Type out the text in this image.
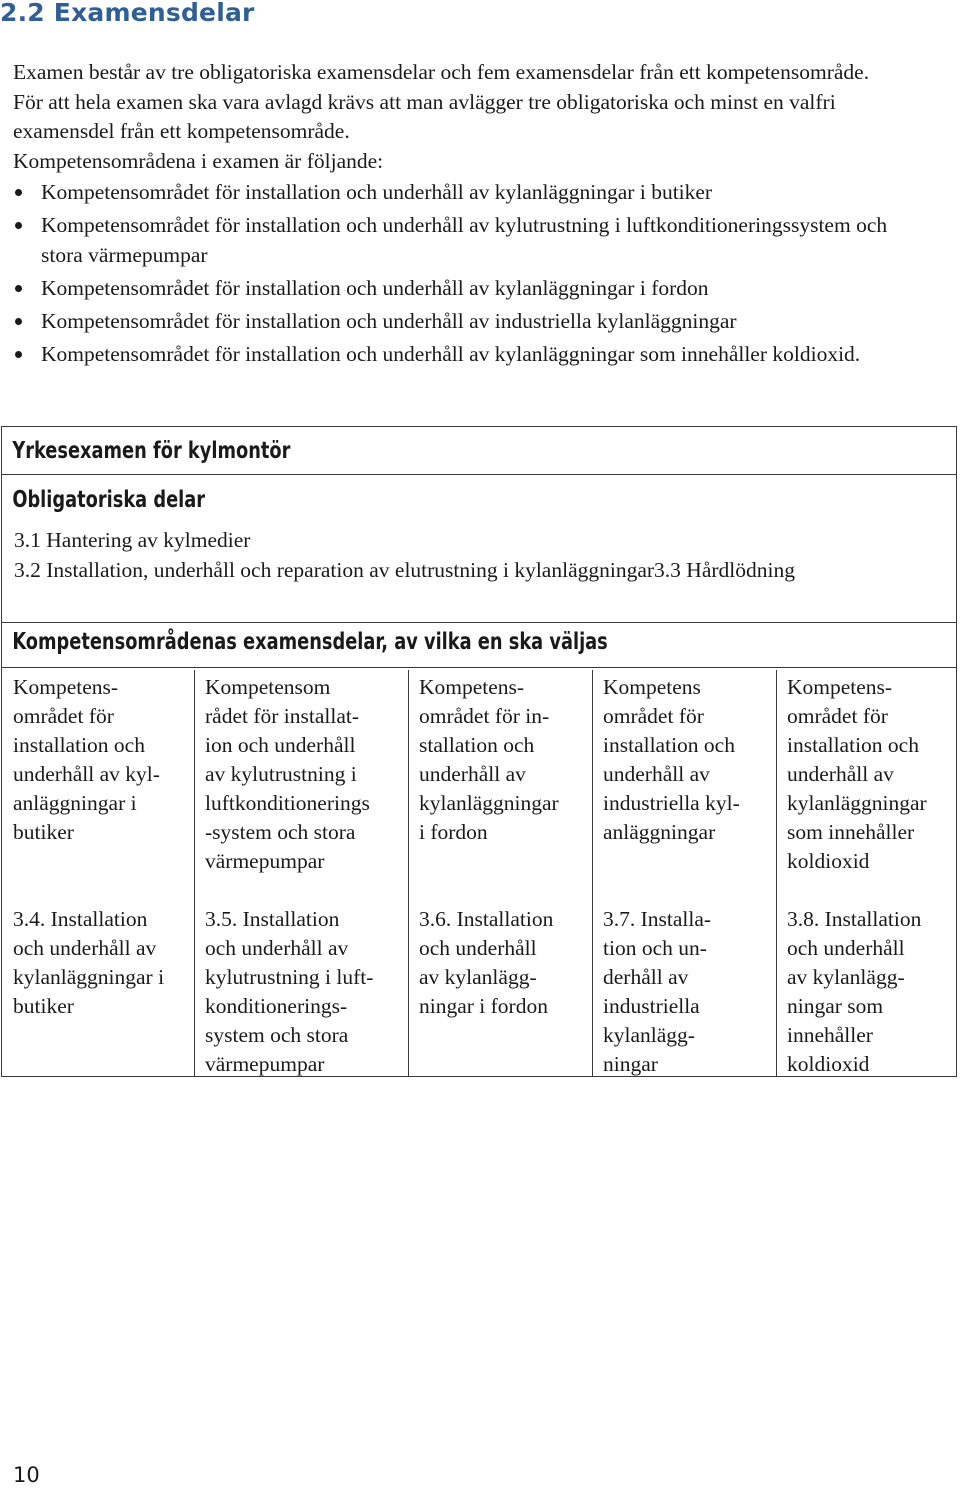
2.2 Examensdelar

Examen består av tre obligatoriska examensdelar och fem examensdelar från ett kompetensområde. För att hela examen ska vara avlagd krävs att man avlägger tre obligatoriska och minst en valfri examensdel från ett kompetensområde.

Kompetensområdena i examen är följande:

Kompetensområdet för installation och underhåll av kylanläggningar i butiker
Kompetensområdet för installation och underhåll av kylutrustning i luftkonditioneringssystem och stora värmepumpar
Kompetensområdet för installation och underhåll av kylanläggningar i fordon
Kompetensområdet för installation och underhåll av industriella kylanläggningar
Kompetensområdet för installation och underhåll av kylanläggningar som innehåller koldioxid.
Yrkesexamen för kylmontör
Obligatoriska delar
3.1 Hantering av kylmedier
3.2 Installation, underhåll och reparation av elutrustning i kylanläggningar3.3 Hårdlödning
Kompetensområdenas examensdelar, av vilka en ska väljas
Kompetens-
området för
installation och
underhåll av kyl-
anläggningar i
butiker
Kompetensom
rådet för installat-
ion och underhåll
av kylutrustning i
luftkonditionerings
-system och stora
värmepumpar
Kompetens-
området för in-
stallation och
underhåll av
kylanläggningar
i fordon
Kompetens
området för
installation och
underhåll av
industriella kyl-
anläggningar
Kompetens-
området för
installation och
underhåll av
kylanläggningar
som innehåller
koldioxid
3.4. Installation
och underhåll av
kylanläggningar i
butiker
3.5. Installation
och underhåll av
kylutrustning i luft-
konditionerings-
system och stora
värmepumpar
3.6. Installation
och underhåll
av kylanlägg-
ningar i fordon
3.7. Installa-
tion och un-
derhåll av
industriella
kylanlägg-
ningar
3.8. Installation
och underhåll
av kylanlägg-
ningar som
innehåller
koldioxid
10
